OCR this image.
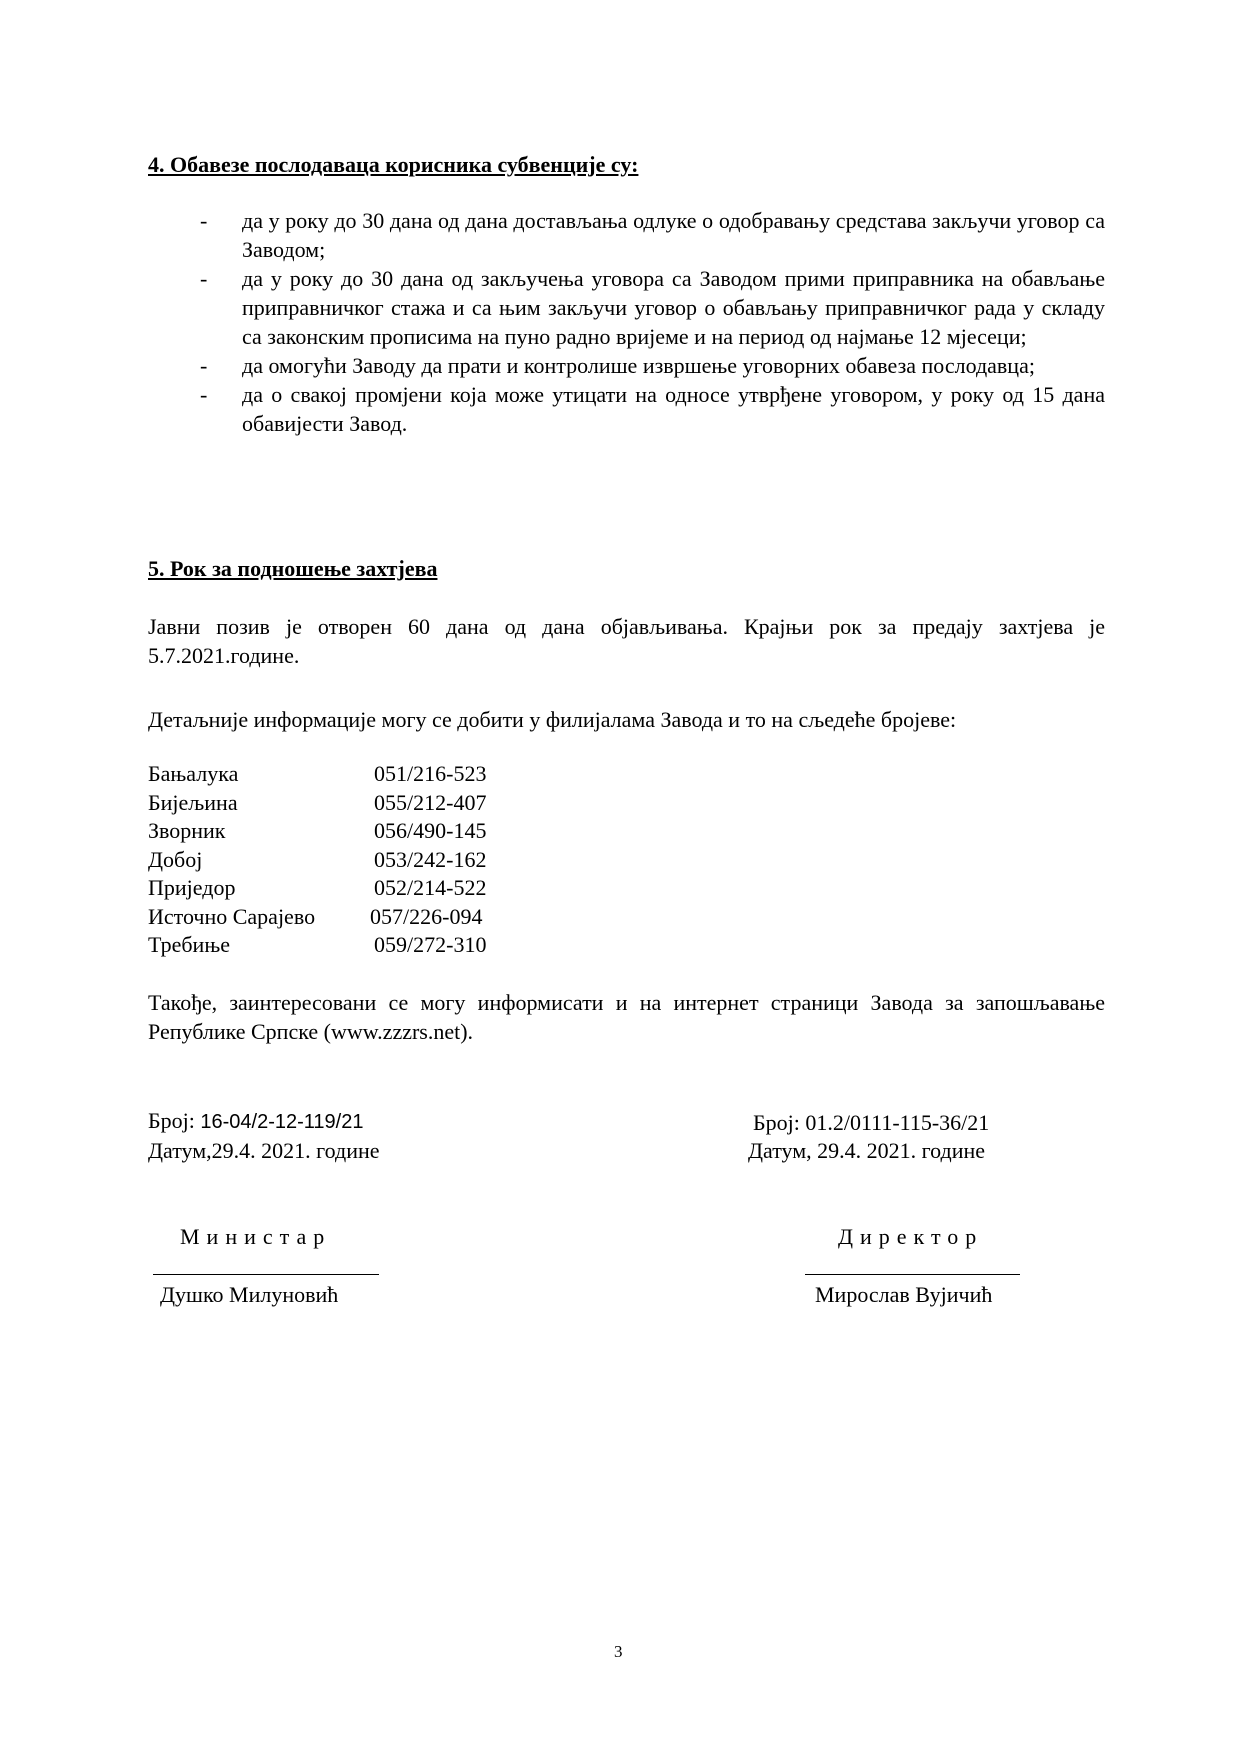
4. Обавезе послодаваца корисника субвенције су:
- да у року до 30 дана од дана достављања одлуке о одобравању средстава закључи уговор са Заводом;
- да у року до 30 дана од закључења уговора са Заводом прими приправника на обављање приправничког стажа и са њим закључи уговор о обављању приправничког рада у складу са законским прописима на пуно радно вријеме и на период од најмање 12 мјесеци;
- да омогући Заводу да прати и контролише извршење уговорних обавеза послодавца;
- да о свакој промјени која може утицати на односе утврђене уговором, у року од 15 дана обавијести Завод.
5. Рок за подношење захтјева
Јавни позив је отворен 60 дана од дана објављивања. Крајњи рок за предају захтјева је 5.7.2021.године.
Детаљније информације могу се добити у филијалама Завода и то на сљедеће бројеве:
Бањалука	051/216-523
Бијељина	055/212-407
Зворник	056/490-145
Добој	053/242-162
Приједор	052/214-522
Источно Сарајево 057/226-094
Требиње	059/272-310
Такође, заинтересовани се могу информисати и на интернет страници Завода за запошљавање Републике Српске (www.zzzrs.net).
Број: 16-04/2-12-119/21
Датум,29.4. 2021. године
Министар
Душко Милуновић
Број: 01.2/0111-115-36/21
Датум, 29.4. 2021. године
Директор
Мирослав Вујичић
3
